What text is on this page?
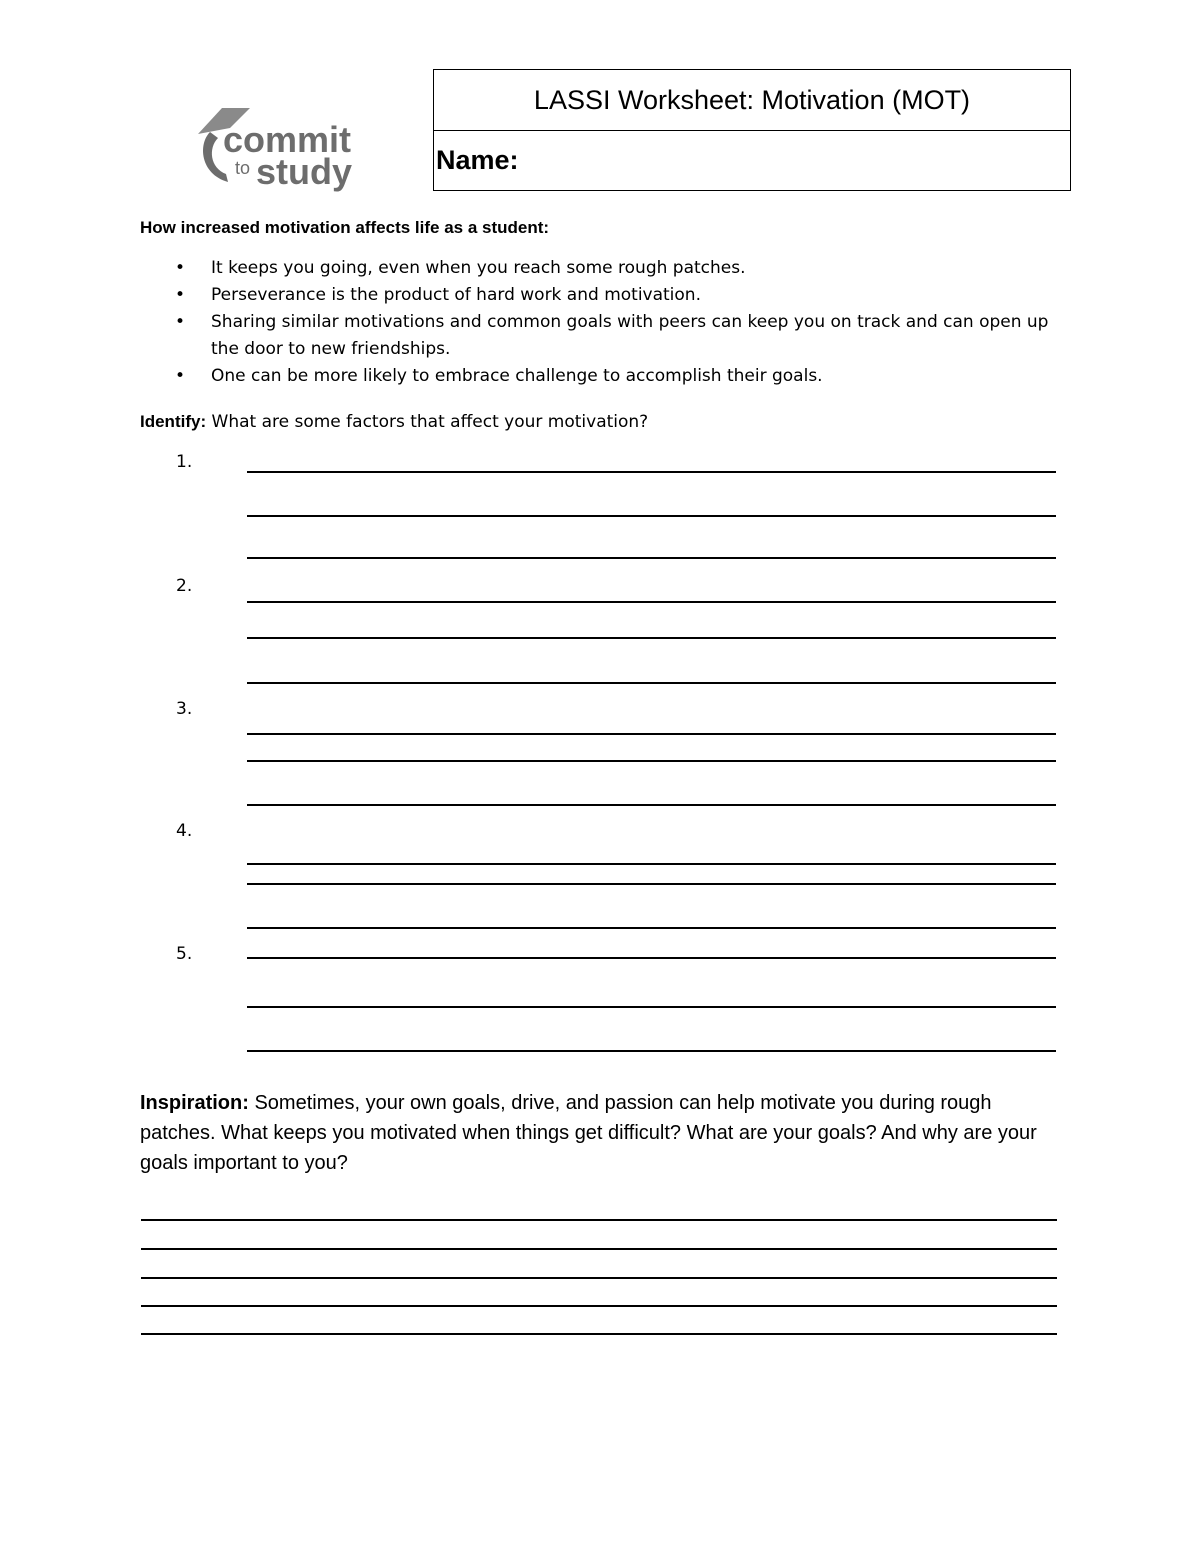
commit
to study
LASSI Worksheet: Motivation (MOT)
Name:
How increased motivation affects life as a student:
• It keeps you going, even when you reach some rough patches.
• Perseverance is the product of hard work and motivation.
• Sharing similar motivations and common goals with peers can keep you on track and can open up the door to new friendships.
• One can be more likely to embrace challenge to accomplish their goals.
Identify: What are some factors that affect your motivation?
1.
2.
3.
4.
5.
Inspiration: Sometimes, your own goals, drive, and passion can help motivate you during rough patches. What keeps you motivated when things get difficult? What are your goals? And why are your goals important to you?
